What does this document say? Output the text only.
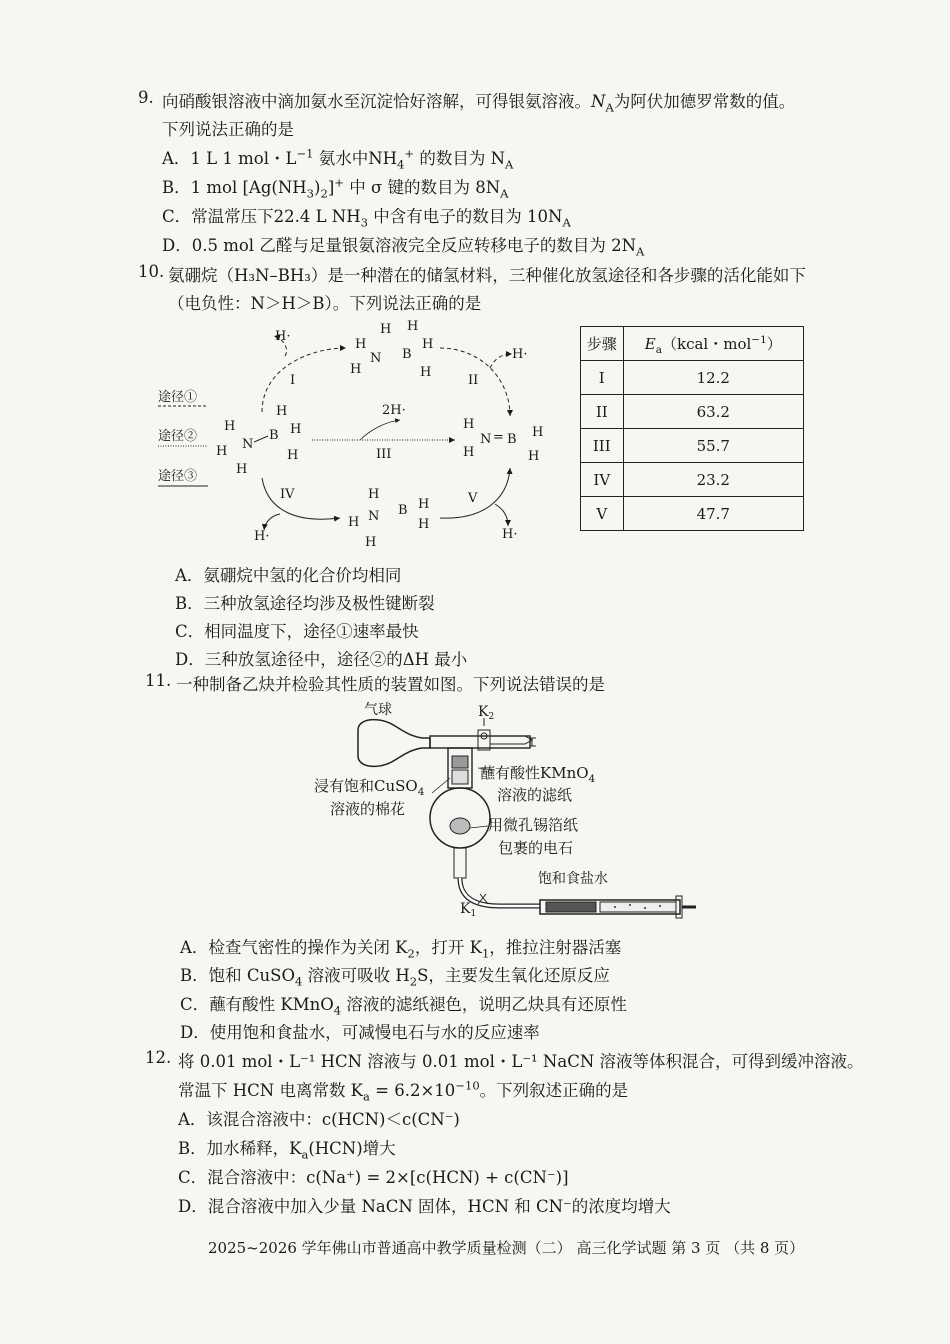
9. 向硝酸银溶液中滴加氨水至沉淀恰好溶解，可得银氨溶液。$N_A$为阿伏加德罗常数的值。
下列说法正确的是
A．1 L 1 mol・$L^{-1}$ 氨水中$NH_4^+$ 的数目为 $N_A$
B．1 mol $[Ag(NH_3)_2]^+$ 中 σ 键的数目为 $8N_A$
C．常温常压下22.4 L $NH_3$ 中含有电子的数目为 $10N_A$
D．0.5 mol 乙醛与足量银氨溶液完全反应转移电子的数目为 $2N_A$
10. 氨硼烷（H₃N–BH₃）是一种潜在的储氢材料，三种催化放氢途径和各步骤的活化能如下
（电负性：N＞H＞B）。下列说法正确的是
途径①
途径②
途径③
H
H N
H
B
H
H
H
H
H
N B
H
H
H
H
H
H
N = B H
H
H N
H
H
B H
H
H·
H·
I	II
2H·
III
H·	H·
IV	V
步骤	$E_a(kcal$・mol$^{-1}$）
I	12.2
II	63.2
III	55.7
IV	23.2
V	47.7
A．氨硼烷中氢的化合价均相同
B．三种放氢途径均涉及极性键断裂
C．相同温度下，途径①速率最快
D．三种放氢途径中，途径②的ΔH 最小
11. 一种制备乙炔并检验其性质的装置如图。下列说法错误的是
气球	$K_2$
$K_1$
饱和食盐水
浸有饱和CuSO$_4$
溶液的棉花
蘸有酸性KMnO$_4$
溶液的滤纸
用微孔锡箔纸
包裹的电石
A．检查气密性的操作为关闭 $K_2$，打开 $K_1$，推拉注射器活塞
B．饱和 CuSO$_4$ 溶液可吸收 $H_2S$，主要发生氧化还原反应
C．蘸有酸性 KMnO$_4$ 溶液的滤纸褪色，说明乙炔具有还原性
D．使用饱和食盐水，可减慢电石与水的反应速率
12. 将 0.01 mol・L⁻¹ HCN 溶液与 0.01 mol・L⁻¹ NaCN 溶液等体积混合，可得到缓冲溶液。
常温下 HCN 电离常数 $K_a = 6.2\times 10^{-10}$。下列叙述正确的是
A．该混合溶液中：c(HCN)＜c(CN⁻)
B．加水稀释，$K_a(HCN)$增大
C．混合溶液中：c(Na⁺) = 2×[c(HCN) + c(CN⁻)]
D．混合溶液中加入少量 NaCN 固体，HCN 和 CN⁻的浓度均增大
2025~2026 学年佛山市普通高中教学质量检测（二） 高三化学试题 第 3 页 （共 8 页）
